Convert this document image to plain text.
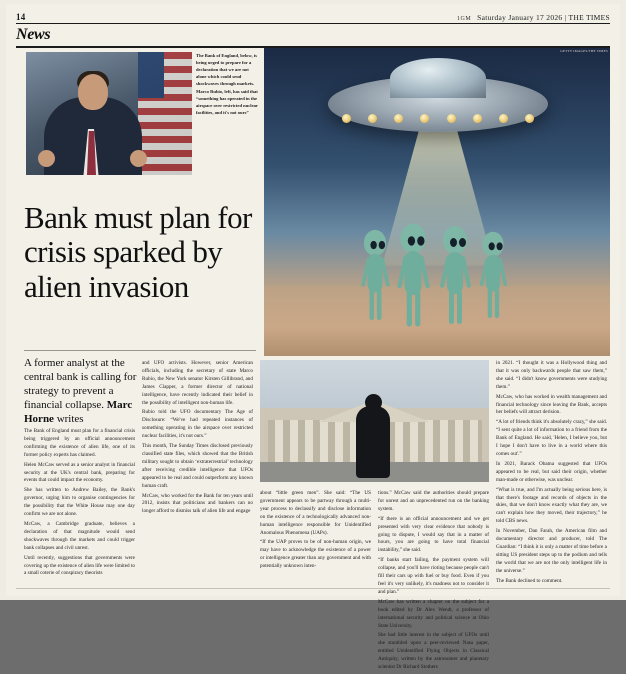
14	1GM Saturday January 17 2026 | THE TIMES
News
The Bank of England, below, is being urged to prepare for a declaration that we are not alone which could send shockwaves through markets. Marco Rubio, left, has said that “something has operated in the airspace over restricted nuclear facilities, and it's not ours”
GETTY IMAGES/THE TIMES
Bank must plan for crisis sparked by alien invasion
A former analyst at the central bank is calling for strategy to prevent a financial collapse. Marc Horne writes

The Bank of England must plan for a financial crisis being triggered by an official announcement confirming the existence of alien life, one of its former policy experts has claimed.

Helen McCaw served as a senior analyst in financial security at the UK's central bank, preparing for events that could impact the economy.

She has written to Andrew Bailey, the Bank's governor, urging him to organise contingencies for the possibility that the White House may one day confirm we are not alone.

McCaw, a Cambridge graduate, believes a declaration of that magnitude would send shockwaves through the markets and could trigger bank collapses and civil unrest.

Until recently, suggestions that governments were covering up the existence of alien life were limited to a small coterie of conspiracy theorists

and UFO activists. However, senior American officials, including the secretary of state Marco Rubio, the New York senator Kirsten Gillibrand, and James Clapper, a former director of national intelligence, have recently indicated their belief in the possibility of intelligent non-human life.

Rubio told the UFO documentary The Age of Disclosure: “We've had repeated instances of something operating in the airspace over restricted nuclear facilities, it's not ours.”

This month, The Sunday Times disclosed previously classified state files, which showed that the British military sought to obtain ‘extraterrestrial’ technology after receiving credible intelligence that UFOs appeared to be real and could outperform any known human craft.

McCaw, who worked for the Bank for ten years until 2012, insists that politicians and bankers can no longer afford to dismiss talk of alien life and engage

about “little green men”. She said: “The US government appears to be partway through a multi-year process to declassify and disclose information on the existence of a technologically advanced non-human intelligence responsible for Unidentified Anomalous Phenomena (UAPs).

“If the UAP proves to be of non-human origin, we may have to acknowledge the existence of a power or intelligence greater than any government and with potentially unknown inten-

tions.” McCaw said the authorities should prepare for unrest and an unprecedented run on the banking system.

“If there is an official announcement and we get presented with very clear evidence that nobody is going to dispute, I would say that in a matter of hours, you are going to have total financial instability,” she said.

“If banks start failing, the payment system will collapse, and you'll have rioting because people can't fill their cars up with fuel or buy food. Even if you feel it's very unlikely, it's madness not to consider it and plan.”

McCaw has written a chapter on the subject for a book edited by Dr Alex Wendt, a professor of international security and political science at Ohio State University.

She had little interest in the subject of UFOs until she stumbled upon a peer-reviewed Nasa paper, entitled Unidentified Flying Objects in Classical Antiquity, written by the astronomer and planetary scientist Dr Richard Stothers

in 2021. “I thought it was a Hollywood thing and that it was only backwards people that saw them,” she said. “I didn't know governments were studying them.”

McCaw, who has worked in wealth management and financial technology since leaving the Bank, accepts her beliefs will attract derision.

“A lot of friends think it's absolutely crazy,” she said. “I sent quite a lot of information to a friend from the Bank of England. He said, 'Helen, I believe you, but I hope I don't have to live in a world where this comes out'.”

In 2021, Barack Obama suggested that UFOs appeared to be real, but said their origin, whether man-made or otherwise, was unclear.

“What is true, and I'm actually being serious here, is that there's footage and records of objects in the skies, that we don't know exactly what they are, we can't explain how they moved, their trajectory,” he told CBS news.

In November, Dan Farah, the American film and documentary director and producer, told The Guardian: “I think it is only a matter of time before a sitting US president steps up to the podium and tells the world that we are not the only intelligent life in the universe.”

The Bank declined to comment.
